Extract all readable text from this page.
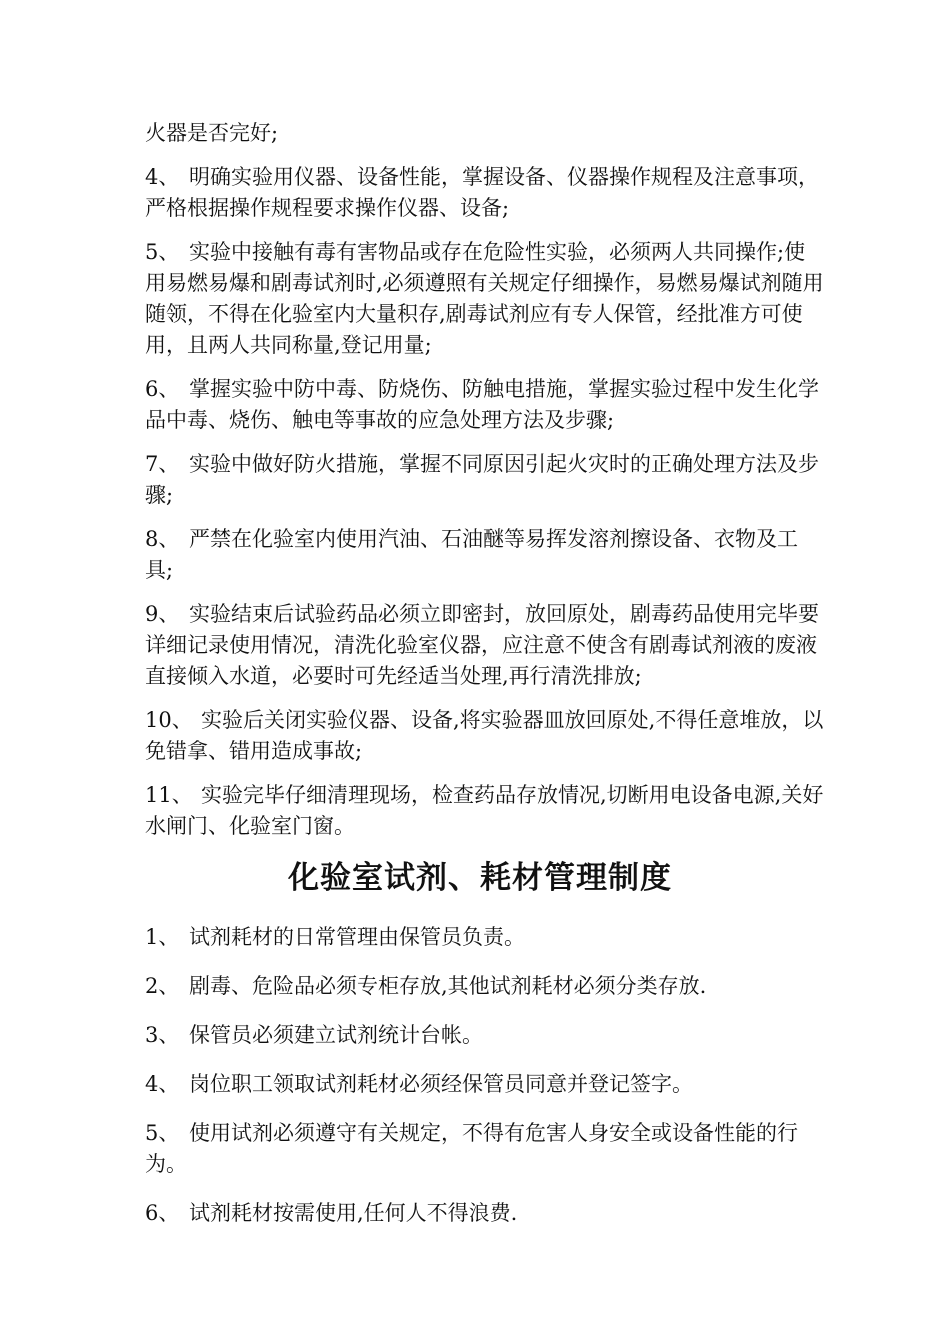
火器是否完好;

4、 明确实验用仪器、设备性能，掌握设备、仪器操作规程及注意事项，严格根据操作规程要求操作仪器、设备;

5、 实验中接触有毒有害物品或存在危险性实验，必须两人共同操作;使用易燃易爆和剧毒试剂时,必须遵照有关规定仔细操作，易燃易爆试剂随用随领，不得在化验室内大量积存,剧毒试剂应有专人保管，经批准方可使用，且两人共同称量,登记用量;

6、 掌握实验中防中毒、防烧伤、防触电措施，掌握实验过程中发生化学品中毒、烧伤、触电等事故的应急处理方法及步骤;

7、 实验中做好防火措施，掌握不同原因引起火灾时的正确处理方法及步骤;

8、 严禁在化验室内使用汽油、石油醚等易挥发溶剂擦设备、衣物及工具;

9、 实验结束后试验药品必须立即密封，放回原处，剧毒药品使用完毕要详细记录使用情况，清洗化验室仪器，应注意不使含有剧毒试剂液的废液直接倾入水道，必要时可先经适当处理,再行清洗排放;

10、 实验后关闭实验仪器、设备,将实验器皿放回原处,不得任意堆放，以免错拿、错用造成事故;

11、 实验完毕仔细清理现场，检查药品存放情况,切断用电设备电源,关好水闸门、化验室门窗。

化验室试剂、耗材管理制度

1、 试剂耗材的日常管理由保管员负责。

2、 剧毒、危险品必须专柜存放,其他试剂耗材必须分类存放.

3、 保管员必须建立试剂统计台帐。

4、 岗位职工领取试剂耗材必须经保管员同意并登记签字。

5、 使用试剂必须遵守有关规定，不得有危害人身安全或设备性能的行为。

6、 试剂耗材按需使用,任何人不得浪费.
